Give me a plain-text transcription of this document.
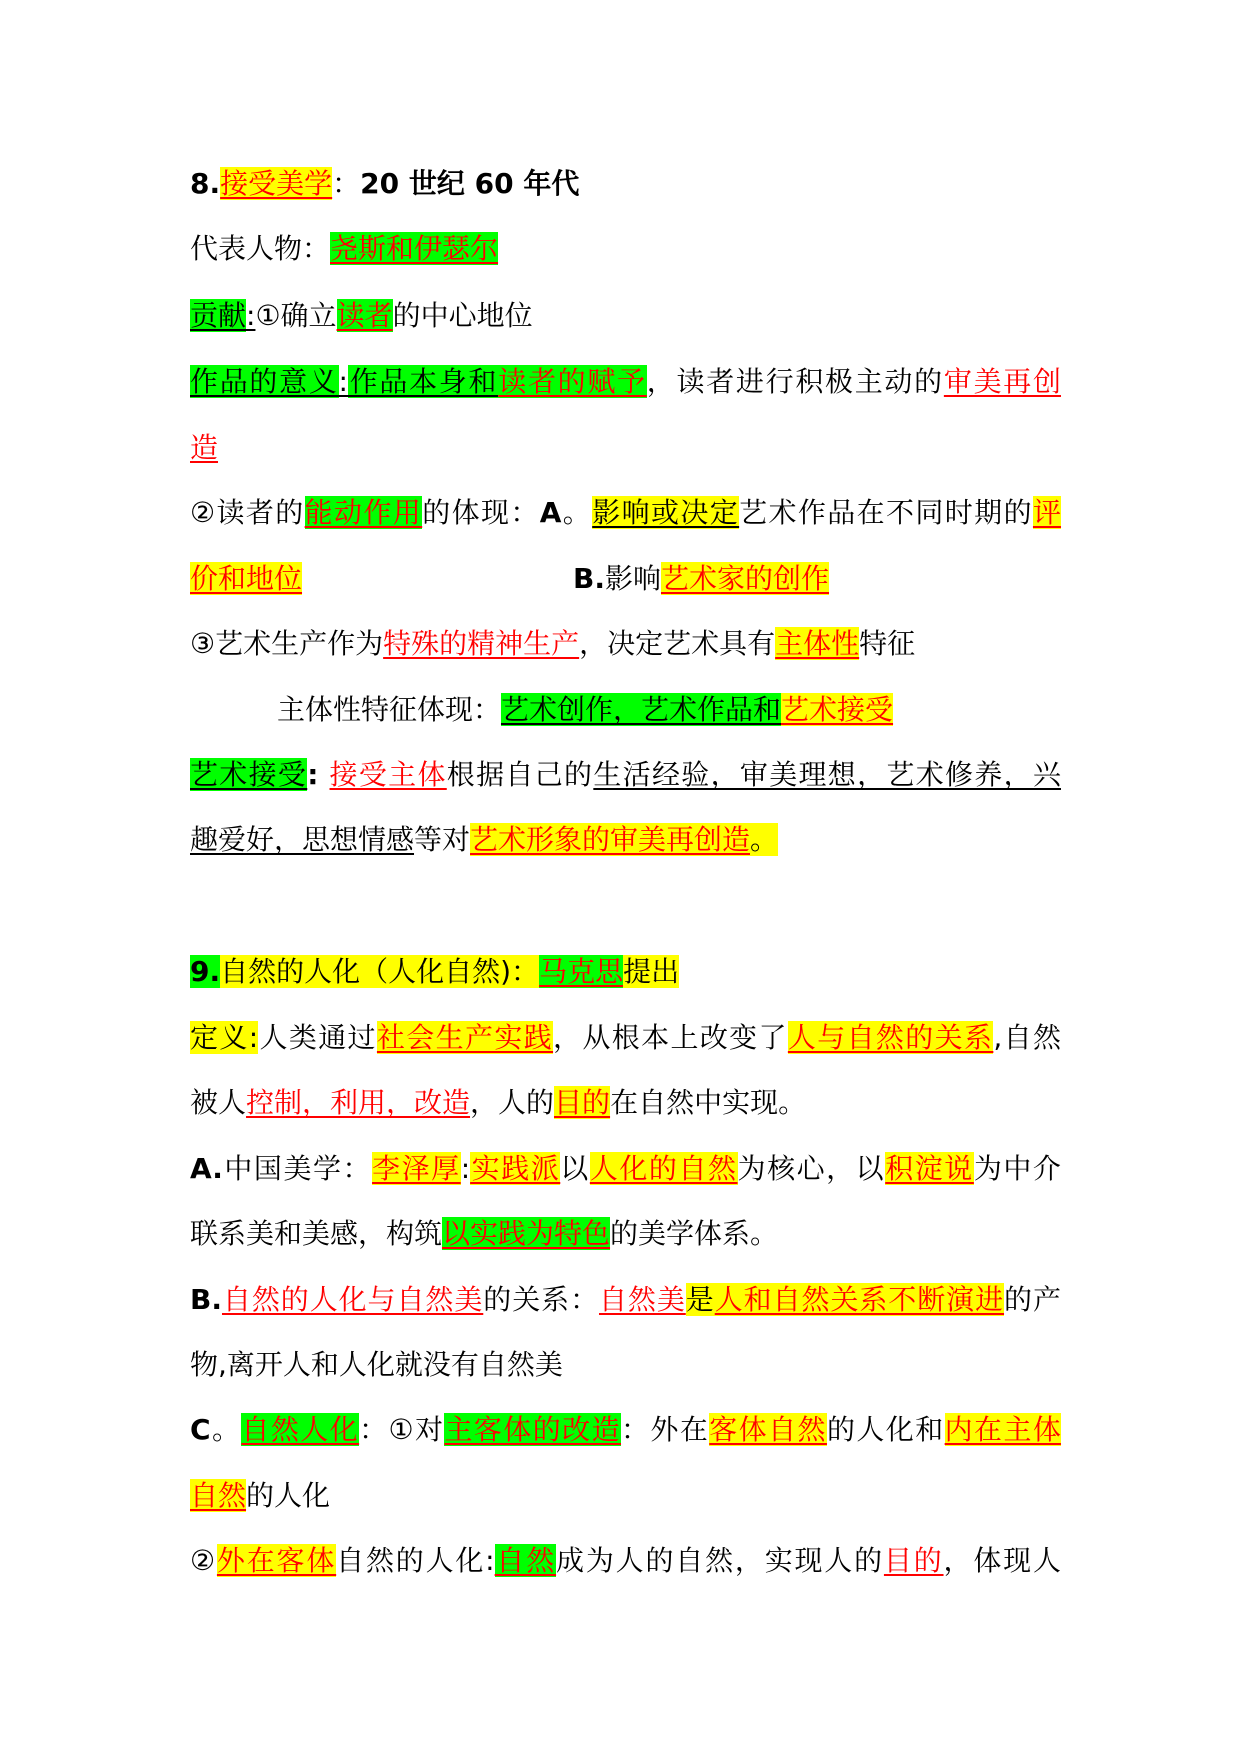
8.接受美学：20 世纪 60 年代
代表人物：尧斯和伊瑟尔
贡献:①确立读者的中心地位
作品的意义:作品本身和读者的赋予，读者进行积极主动的审美再创
造
②读者的能动作用的体现：A。影响或决定艺术作品在不同时期的评
价和地位	B.影响艺术家的创作
③艺术生产作为特殊的精神生产，决定艺术具有主体性特征
主体性特征体现：艺术创作，艺术作品和艺术接受
艺术接受: 接受主体根据自己的生活经验，审美理想，艺术修养，兴
趣爱好，思想情感等对艺术形象的审美再创造。
9.自然的人化（人化自然)：马克思提出
定义:人类通过社会生产实践，从根本上改变了人与自然的关系,自然
被人控制，利用，改造，人的目的在自然中实现。
A.中国美学：李泽厚:实践派以人化的自然为核心，以积淀说为中介
联系美和美感，构筑以实践为特色的美学体系。
B.自然的人化与自然美的关系：自然美是人和自然关系不断演进的产
物,离开人和人化就没有自然美
C。自然人化：①对主客体的改造：外在客体自然的人化和内在主体
自然的人化
②外在客体自然的人化:自然成为人的自然，实现人的目的，体现人
